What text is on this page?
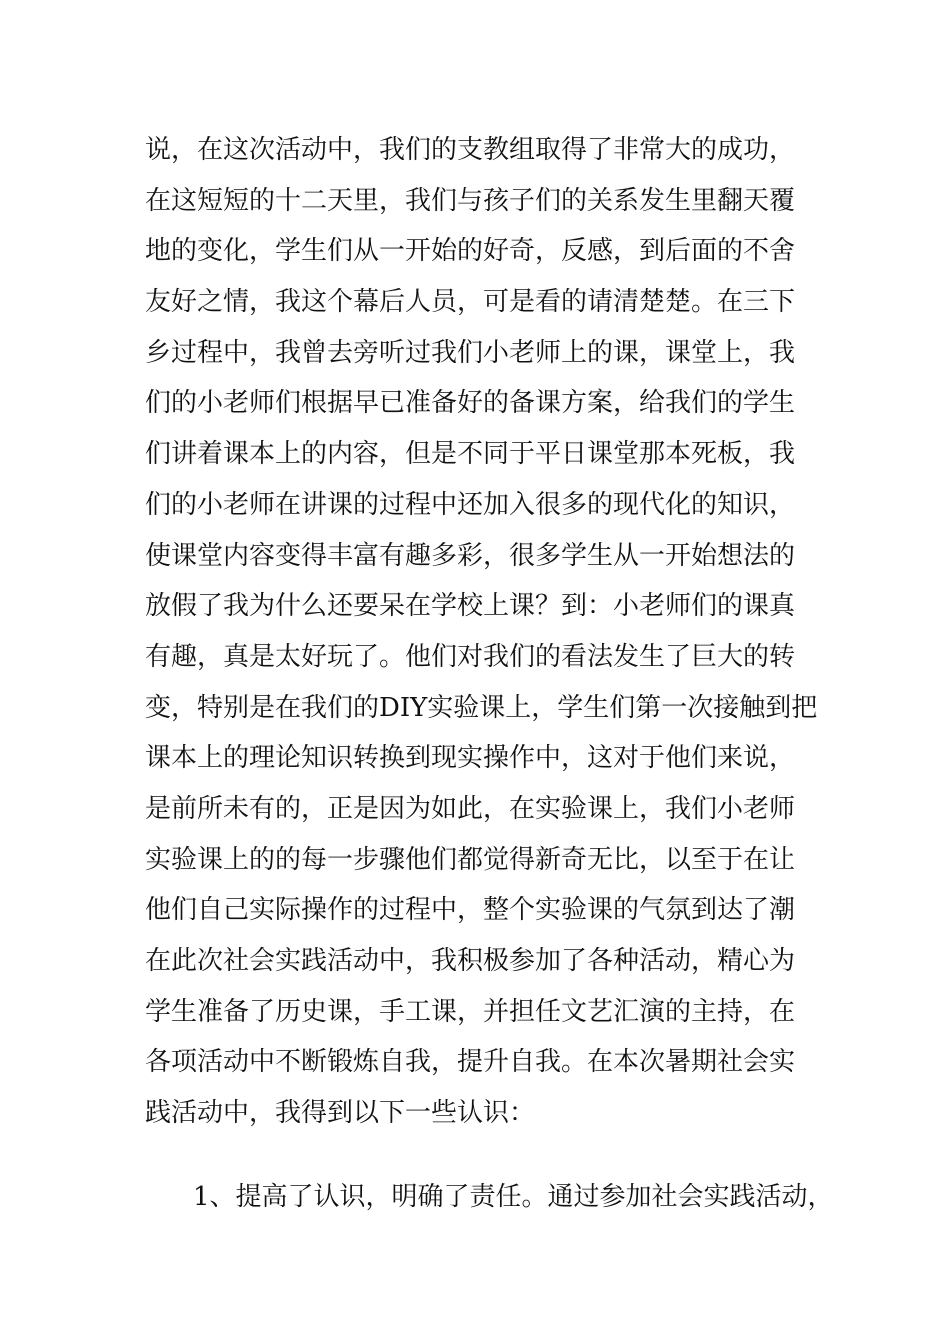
说，在这次活动中，我们的支教组取得了非常大的成功，
在这短短的十二天里，我们与孩子们的关系发生里翻天覆
地的变化，学生们从一开始的好奇，反感，到后面的不舍
友好之情，我这个幕后人员，可是看的请清楚楚。在三下
乡过程中，我曾去旁听过我们小老师上的课，课堂上，我
们的小老师们根据早已准备好的备课方案，给我们的学生
们讲着课本上的内容，但是不同于平日课堂那本死板，我
们的小老师在讲课的过程中还加入很多的现代化的知识，
使课堂内容变得丰富有趣多彩，很多学生从一开始想法的
放假了我为什么还要呆在学校上课？到：小老师们的课真
有趣，真是太好玩了。他们对我们的看法发生了巨大的转
变，特别是在我们的DIY实验课上，学生们第一次接触到把
课本上的理论知识转换到现实操作中，这对于他们来说，
是前所未有的，正是因为如此，在实验课上，我们小老师
实验课上的的每一步骤他们都觉得新奇无比，以至于在让
他们自己实际操作的过程中，整个实验课的气氛到达了潮
在此次社会实践活动中，我积极参加了各种活动，精心为
学生准备了历史课，手工课，并担任文艺汇演的主持，在
各项活动中不断锻炼自我，提升自我。在本次暑期社会实
践活动中，我得到以下一些认识：
1、提高了认识，明确了责任。通过参加社会实践活动，
